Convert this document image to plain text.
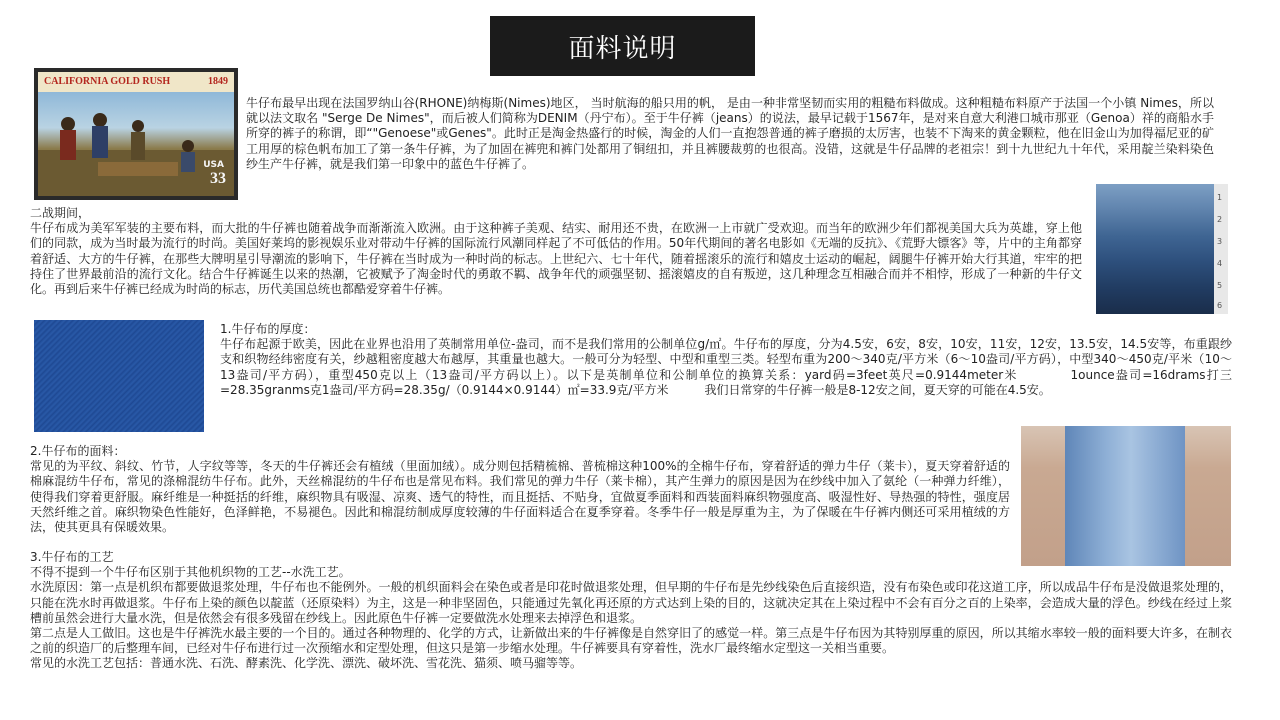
面料说明
CALIFORNIA GOLD RUSH	1849
USA
33

牛仔布最早出现在法国罗纳山谷(RHONE)纳梅斯(Nimes)地区， 当时航海的船只用的帆， 是由一种非常坚韧而实用的粗糙布料做成。这种粗糙布料原产于法国一个小镇 Nimes，所以就以法文取名 "Serge De Nimes"，而后被人们简称为DENIM（丹宁布）。至于牛仔裤（jeans）的说法，最早记载于1567年，是对来自意大利港口城市那亚（Genoa）祥的商船水手所穿的裤子的称谓，即“"Genoese"或Genes"。此时正是淘金热盛行的时候，淘金的人们一直抱怨普通的裤子磨损的太厉害，也装不下淘来的黄金颗粒，他在旧金山为加得福尼亚的矿工用厚的棕色帆布加工了第一条牛仔裤，为了加固在裤兜和裤门处都用了铜纽扣，并且裤腰裁剪的也很高。没错，这就是牛仔品牌的老祖宗！到十九世纪九十年代，采用靛兰染料染色纱生产牛仔裤，就是我们第一印象中的蓝色牛仔裤了。

1
2
3
4
5
6

二战期间，

牛仔布成为美军军装的主要布料，而大批的牛仔裤也随着战争而渐渐流入欧洲。由于这种裤子美观、结实、耐用还不贵，在欧洲一上市就广受欢迎。而当年的欧洲少年们都视美国大兵为英雄，穿上他们的同款，成为当时最为流行的时尚。美国好莱坞的影视娱乐业对带动牛仔裤的国际流行风潮同样起了不可低估的作用。50年代期间的著名电影如《无端的反抗》、《荒野大镖客》等，片中的主角都穿着舒适、大方的牛仔裤，在那些大牌明星引导潮流的影响下，牛仔裤在当时成为一种时尚的标志。上世纪六、七十年代，随着摇滚乐的流行和嬉皮士运动的崛起，阔腿牛仔裤开始大行其道，牢牢的把持住了世界最前沿的流行文化。结合牛仔裤诞生以来的热潮，它被赋予了淘金时代的勇敢不羁、战争年代的顽强坚韧、摇滚嬉皮的自有叛逆，这几种理念互相融合而并不相悖，形成了一种新的牛仔文化。再到后来牛仔裤已经成为时尚的标志，历代美国总统也都酷爱穿着牛仔裤。

1.牛仔布的厚度：

牛仔布起源于欧美，因此在业界也沿用了英制常用单位-盎司，而不是我们常用的公制单位g/㎡。牛仔布的厚度，分为4.5安，6安，8安，10安，11安，12安，13.5安，14.5安等，布重跟纱支和织物经纬密度有关，纱越粗密度越大布越厚，其重量也越大。一般可分为轻型、中型和重型三类。轻型布重为200～340克/平方米（6～10盎司/平方码），中型340～450克/平米（10～13盎司/平方码），重型450克以上（13盎司/平方码以上）。以下是英制单位和公制单位的换算关系：yard码=3feet英尺=0.9144meter米　　　　1ounce盎司=16drams打三=28.35granms克1盎司/平方码=28.35g/（0.9144×0.9144）㎡=33.9克/平方米　　　我们日常穿的牛仔裤一般是8-12安之间，夏天穿的可能在4.5安。

2.牛仔布的面料：

常见的为平纹、斜纹、竹节，人字纹等等，冬天的牛仔裤还会有植绒（里面加绒）。成分则包括精梳棉、普梳棉这种100%的全棉牛仔布，穿着舒适的弹力牛仔（莱卡），夏天穿着舒适的棉麻混纺牛仔布，常见的涤棉混纺牛仔布。此外，天丝棉混纺的牛仔布也是常见布料。我们常见的弹力牛仔（莱卡棉），其产生弹力的原因是因为在纱线中加入了氨纶（一种弹力纤维），使得我们穿着更舒服。麻纤维是一种挺括的纤维，麻织物具有吸湿、凉爽、透气的特性，而且挺括、不贴身，宜做夏季面料和西装面料麻织物强度高、吸湿性好、导热强的特性，强度居天然纤维之首。麻织物染色性能好，色泽鲜艳，不易褪色。因此和棉混纺制成厚度较薄的牛仔面料适合在夏季穿着。冬季牛仔一般是厚重为主，为了保暖在牛仔裤内侧还可采用植绒的方法，使其更具有保暖效果。

3.牛仔布的工艺

不得不提到一个牛仔布区别于其他机织物的工艺--水洗工艺。

水洗原因：第一点是机织布都要做退浆处理，牛仔布也不能例外。一般的机织面料会在染色或者是印花时做退浆处理，但早期的牛仔布是先纱线染色后直接织造，没有布染色或印花这道工序，所以成品牛仔布是没做退浆处理的，只能在洗水时再做退浆。牛仔布上染的颜色以靛蓝（还原染料）为主，这是一种非坚固色，只能通过先氧化再还原的方式达到上染的目的，这就决定其在上染过程中不会有百分之百的上染率，会造成大量的浮色。纱线在经过上浆槽前虽然会进行大量水洗，但是依然会有很多残留在纱线上。因此原色牛仔裤一定要做洗水处理来去掉浮色和退浆。

第二点是人工做旧。这也是牛仔裤洗水最主要的一个目的。通过各种物理的、化学的方式，让新做出来的牛仔裤像是自然穿旧了的感觉一样。第三点是牛仔布因为其特别厚重的原因，所以其缩水率较一般的面料要大许多，在制衣之前的织造厂的后整理车间，已经对牛仔布进行过一次预缩水和定型处理，但这只是第一步缩水处理。牛仔裤要具有穿着性，洗水厂最终缩水定型这一关相当重要。

常见的水洗工艺包括：普通水洗、石洗、酵素洗、化学洗、漂洗、破坏洗、雪花洗、猫须、喷马骝等等。
